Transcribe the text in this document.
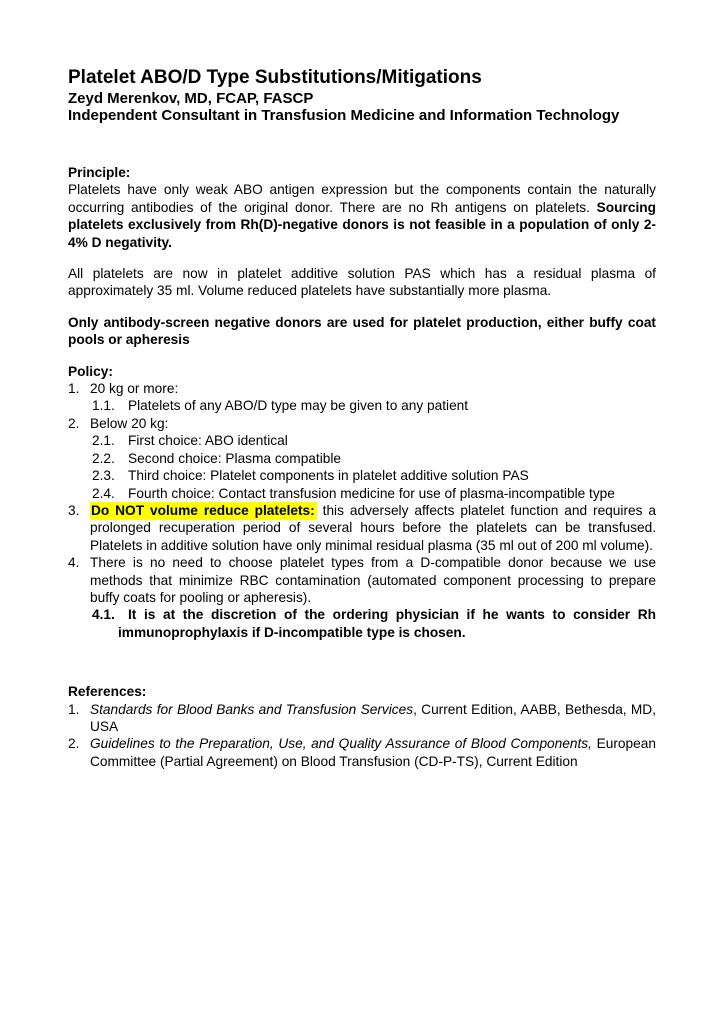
Platelet ABO/D Type Substitutions/Mitigations
Zeyd Merenkov, MD, FCAP, FASCP
Independent Consultant in Transfusion Medicine and Information Technology
Principle:

Platelets have only weak ABO antigen expression but the components contain the naturally occurring antibodies of the original donor. There are no Rh antigens on platelets. Sourcing platelets exclusively from Rh(D)-negative donors is not feasible in a population of only 2-4% D negativity.

All platelets are now in platelet additive solution PAS which has a residual plasma of approximately 35 ml. Volume reduced platelets have substantially more plasma.

Only antibody-screen negative donors are used for platelet production, either buffy coat pools or apheresis

Policy:
1. 20 kg or more:
1.1. Platelets of any ABO/D type may be given to any patient
2. Below 20 kg:
2.1. First choice: ABO identical
2.2. Second choice: Plasma compatible
2.3. Third choice: Platelet components in platelet additive solution PAS
2.4. Fourth choice: Contact transfusion medicine for use of plasma-incompatible type
3. Do NOT volume reduce platelets: this adversely affects platelet function and requires a prolonged recuperation period of several hours before the platelets can be transfused. Platelets in additive solution have only minimal residual plasma (35 ml out of 200 ml volume).
4. There is no need to choose platelet types from a D-compatible donor because we use methods that minimize RBC contamination (automated component processing to prepare buffy coats for pooling or apheresis).
4.1. It is at the discretion of the ordering physician if he wants to consider Rh immunoprophylaxis if D-incompatible type is chosen.
References:
1. Standards for Blood Banks and Transfusion Services, Current Edition, AABB, Bethesda, MD, USA
2. Guidelines to the Preparation, Use, and Quality Assurance of Blood Components, European Committee (Partial Agreement) on Blood Transfusion (CD-P-TS), Current Edition
